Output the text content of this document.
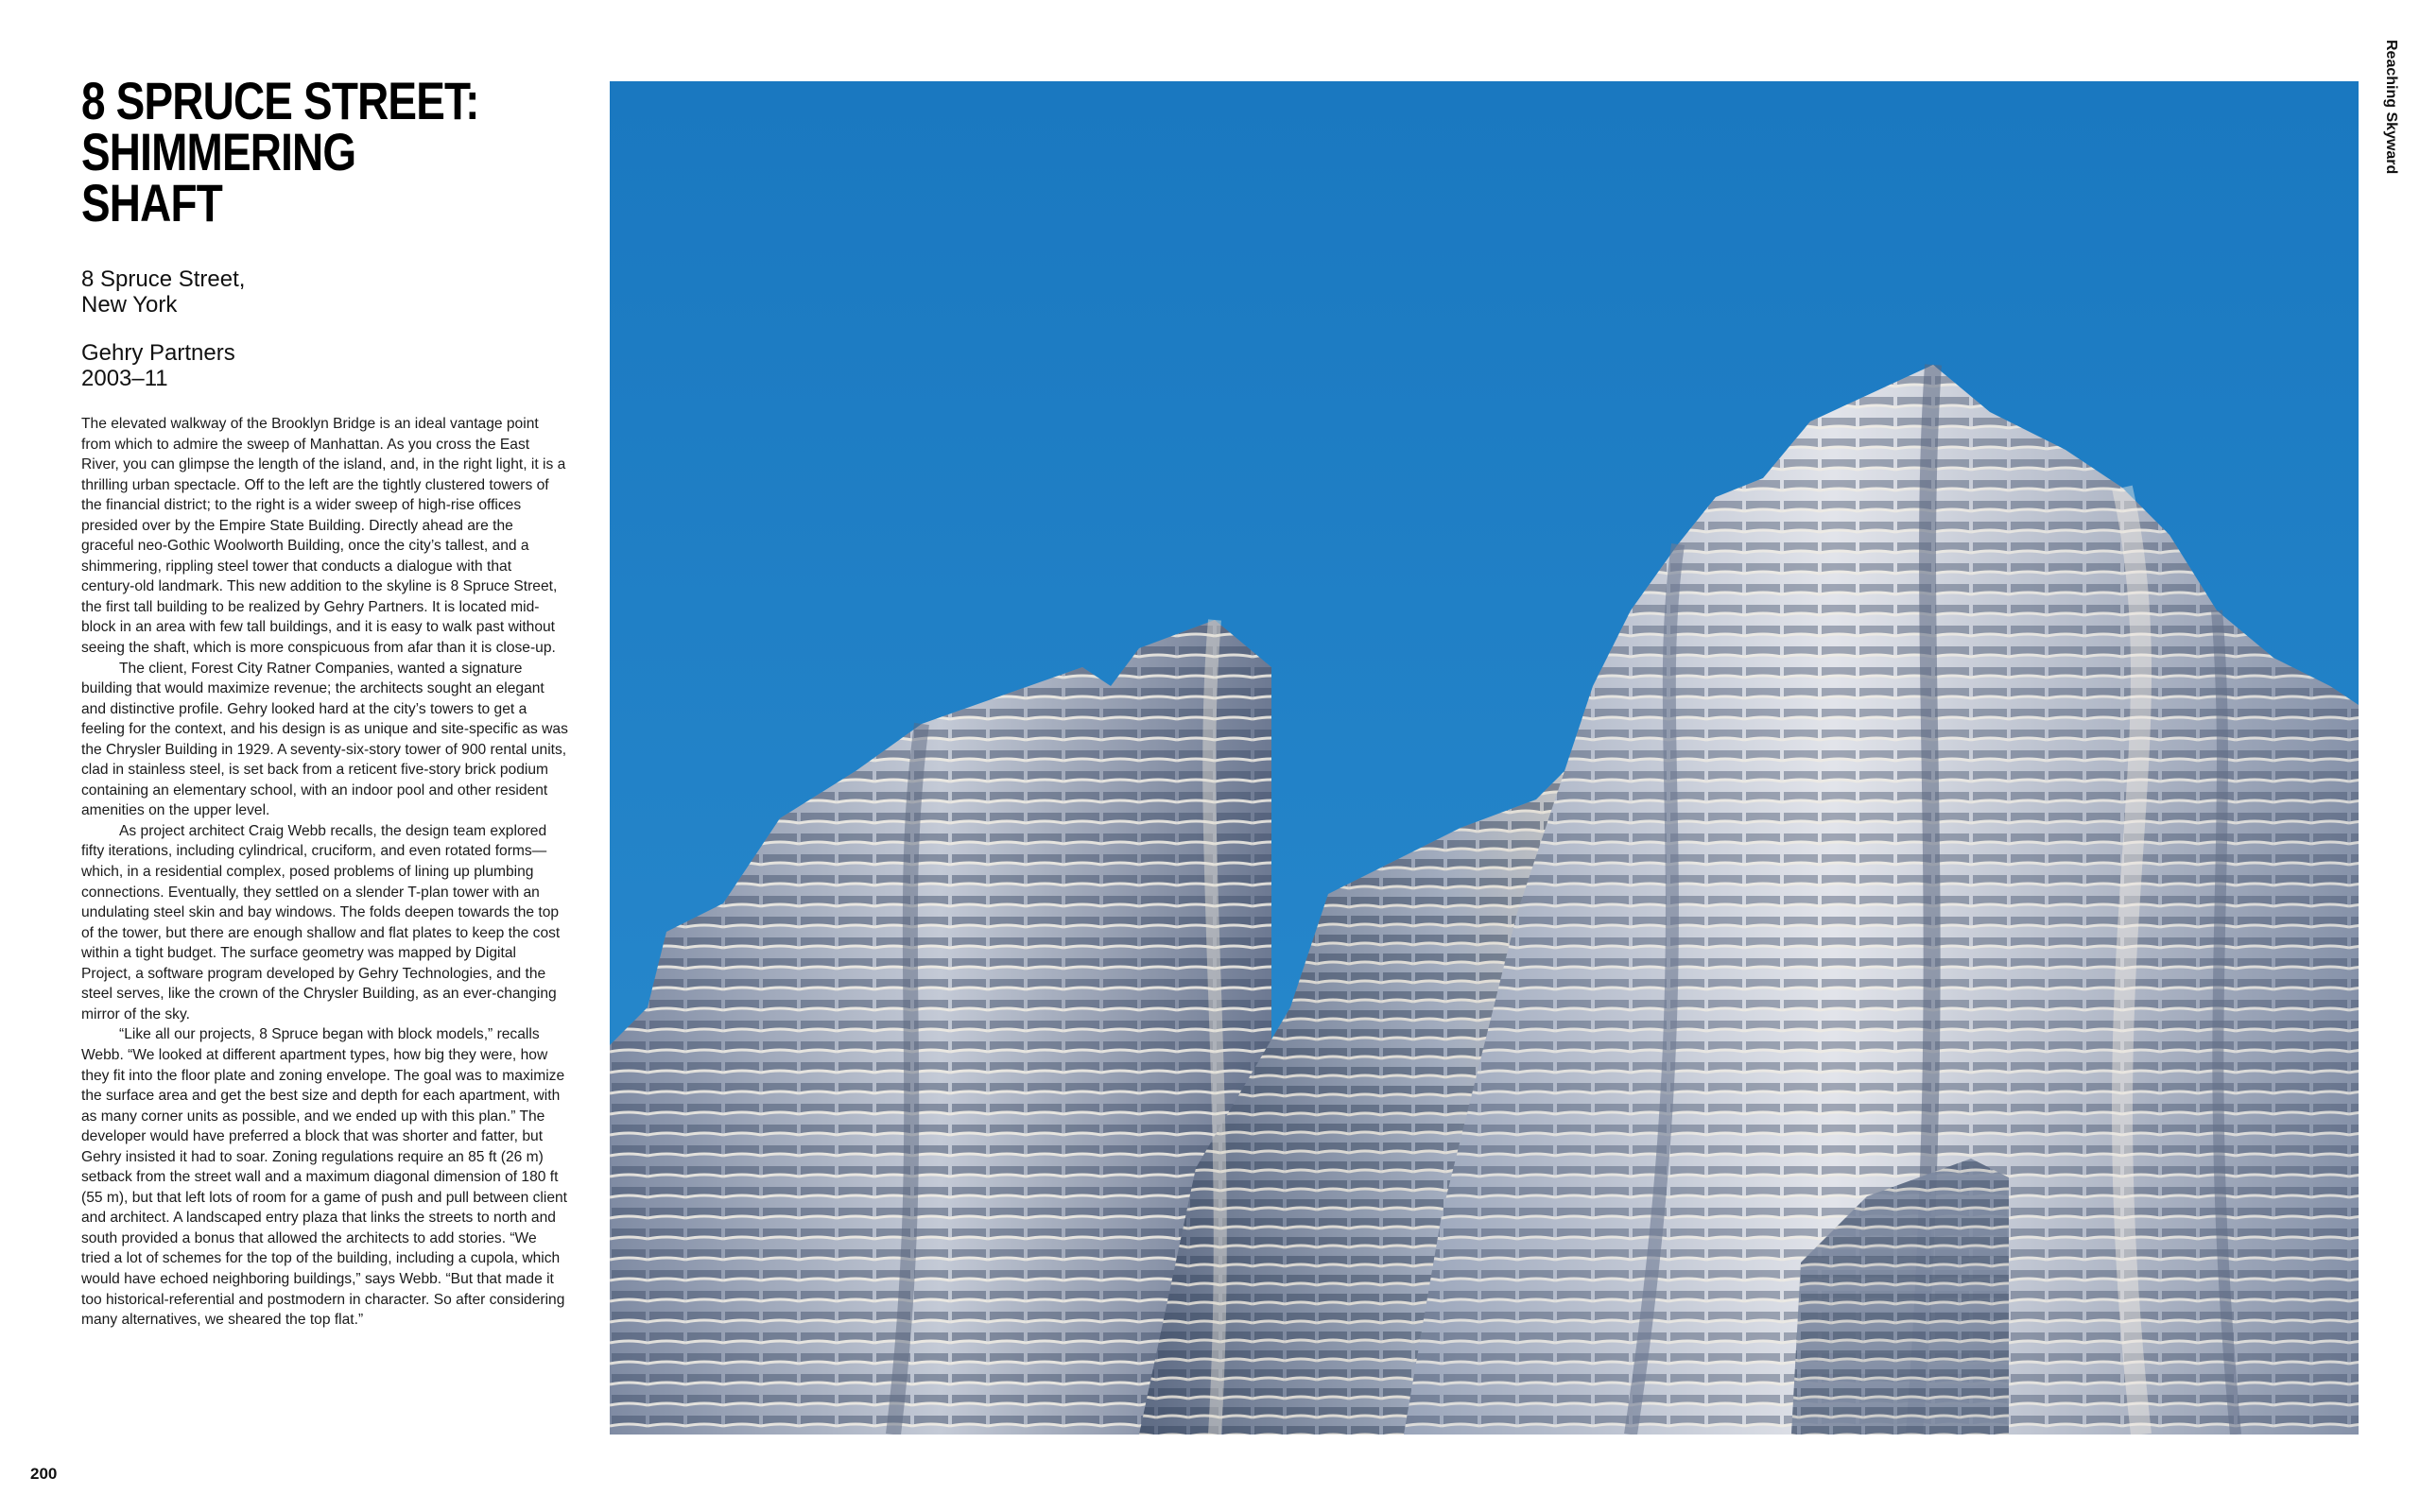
8 SPRUCE STREET:
SHIMMERING SHAFT
8 Spruce Street,
New York
Gehry Partners
2003–11

The elevated walkway of the Brooklyn Bridge is an ideal vantage point from which to admire the sweep of Manhattan. As you cross the East River, you can glimpse the length of the island, and, in the right light, it is a thrilling urban spectacle. Off to the left are the tightly clustered towers of the financial district; to the right is a wider sweep of high-rise offices presided over by the Empire State Building. Directly ahead are the graceful neo-Gothic Woolworth Building, once the city’s tallest, and a shimmering, rippling steel tower that conducts a dialogue with that century-old landmark. This new addition to the skyline is 8 Spruce Street, the first tall building to be realized by Gehry Partners. It is located mid-block in an area with few tall buildings, and it is easy to walk past without seeing the shaft, which is more conspicuous from afar than it is close-up.

The client, Forest City Ratner Companies, wanted a signature building that would maximize revenue; the architects sought an elegant and distinctive profile. Gehry looked hard at the city’s towers to get a feeling for the context, and his design is as unique and site-specific as was the Chrysler Building in 1929. A seventy-six-story tower of 900 rental units, clad in stainless steel, is set back from a reticent five-story brick podium containing an elementary school, with an indoor pool and other resident amenities on the upper level.

As project architect Craig Webb recalls, the design team explored fifty iterations, including cylindrical, cruciform, and even rotated forms—which, in a residential complex, posed problems of lining up plumbing connections. Eventually, they settled on a slender T-plan tower with an undulating steel skin and bay windows. The folds deepen towards the top of the tower, but there are enough shallow and flat plates to keep the cost within a tight budget. The surface geometry was mapped by Digital Project, a software program developed by Gehry Technologies, and the steel serves, like the crown of the Chrysler Building, as an ever-changing mirror of the sky.

“Like all our projects, 8 Spruce began with block models,” recalls Webb. “We looked at different apartment types, how big they were, how they fit into the floor plate and zoning envelope. The goal was to maximize the surface area and get the best size and depth for each apartment, with as many corner units as possible, and we ended up with this plan.” The developer would have preferred a block that was shorter and fatter, but Gehry insisted it had to soar. Zoning regulations require an 85 ft (26 m) setback from the street wall and a maximum diagonal dimension of 180 ft (55 m), but that left lots of room for a game of push and pull between client and architect. A landscaped entry plaza that links the streets to north and south provided a bonus that allowed the architects to add stories. “We tried a lot of schemes for the top of the building, including a cupola, which would have echoed neighboring buildings,” says Webb. “But that made it too historical-referential and postmodern in character. So after considering many alternatives, we sheared the top flat.”

200
Reaching Skyward
